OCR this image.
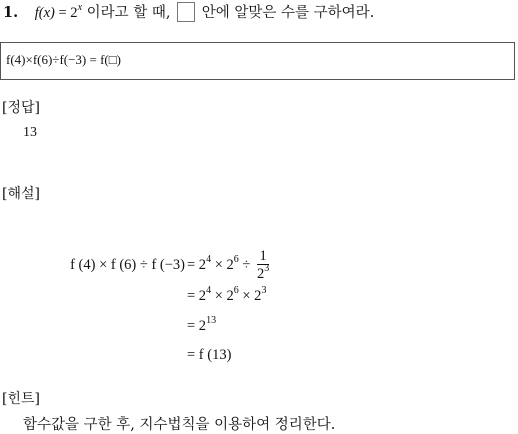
1. $f(x) = 2^x$ 이라고 할 때,  안에 알맞은 수를 구하여라.
f(4)×f(6)÷f(−3) = f(□)
[정답]
13
[해설]
f (4) × f (6) ÷ f $(-3) = 2^4 \times 2^6 \div \frac{1}{2^3}$
= $2^4 \times 2^6 \times 2^3$
= $2^{13}$
= f (13)
[힌트]
함수값을 구한 후, 지수법칙을 이용하여 정리한다.
